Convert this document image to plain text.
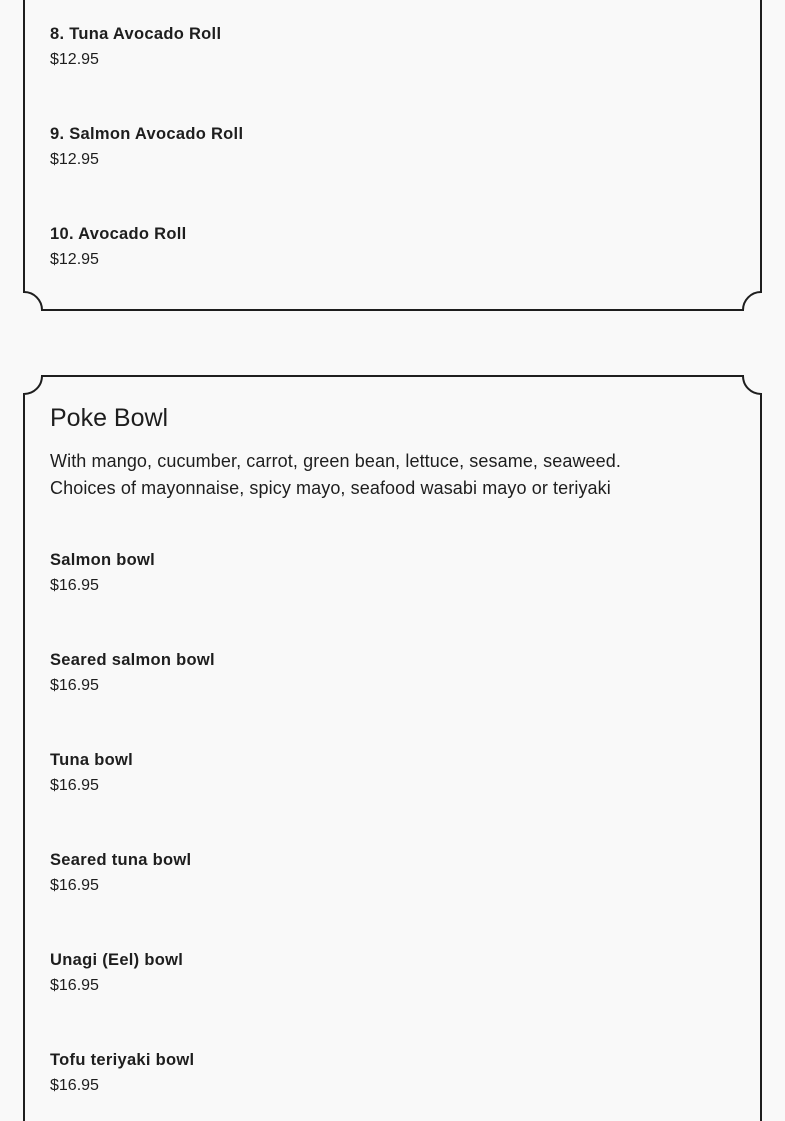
8. Tuna Avocado Roll
$12.95
9. Salmon Avocado Roll
$12.95
10. Avocado Roll
$12.95
Poke Bowl
With mango, cucumber, carrot, green bean, lettuce, sesame, seaweed.
Choices of mayonnaise, spicy mayo, seafood wasabi mayo or teriyaki
Salmon bowl
$16.95
Seared salmon bowl
$16.95
Tuna bowl
$16.95
Seared tuna bowl
$16.95
Unagi (Eel) bowl
$16.95
Tofu teriyaki bowl
$16.95
